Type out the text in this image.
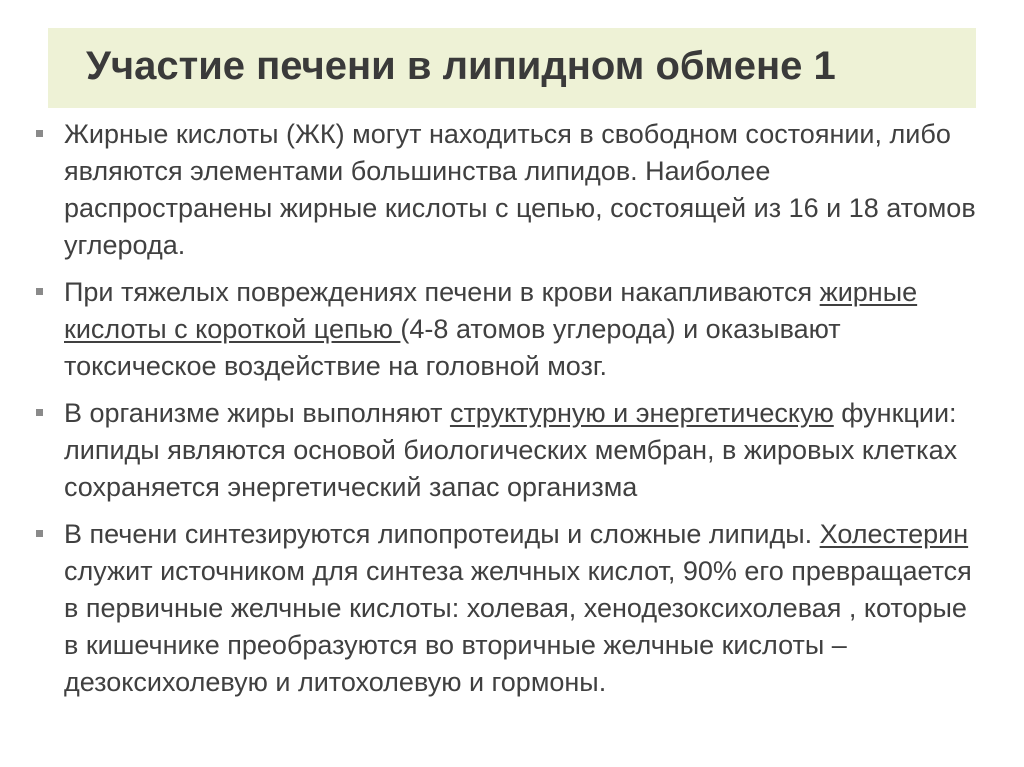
Участие печени в липидном обмене 1
Жирные кислоты (ЖК) могут находиться в свободном состоянии, либо являются элементами большинства липидов. Наиболее распространены жирные кислоты с цепью, состоящей из 16 и 18 атомов углерода.
При тяжелых повреждениях печени в крови накапливаются жирные кислоты с короткой цепью (4-8 атомов углерода) и оказывают токсическое воздействие на головной мозг.
В организме жиры выполняют структурную и энергетическую функции: липиды являются основой биологических мембран, в жировых клетках сохраняется энергетический запас организма
В печени синтезируются липопротеиды и сложные липиды. Холестерин служит источником для синтеза желчных кислот, 90% его превращается в первичные желчные кислоты: холевая, хенодезоксихолевая , которые в кишечнике преобразуются во вторичные желчные кислоты – дезоксихолевую и литохолевую и гормоны.
